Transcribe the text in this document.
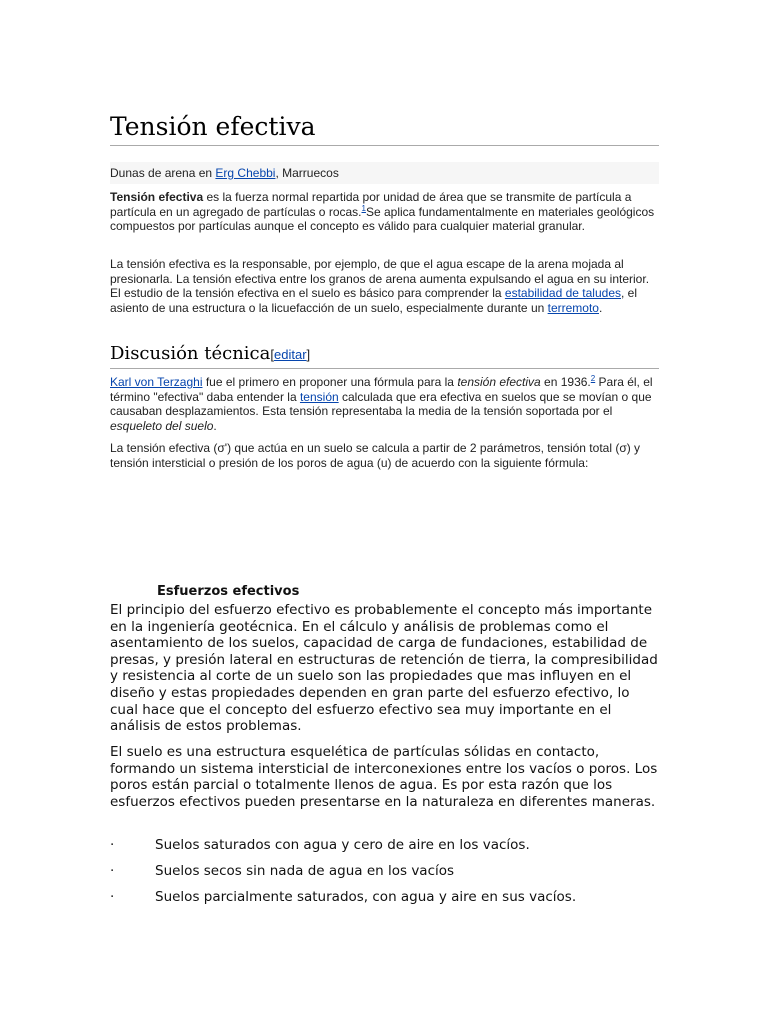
Tensión efectiva
Dunas de arena en Erg Chebbi, Marruecos

Tensión efectiva es la fuerza normal repartida por unidad de área que se transmite de partícula a partícula en un agregado de partículas o rocas.$^1$Se aplica fundamentalmente en materiales geológicos compuestos por partículas aunque el concepto es válido para cualquier material granular.

La tensión efectiva es la responsable, por ejemplo, de que el agua escape de la arena mojada al presionarla. La tensión efectiva entre los granos de arena aumenta expulsando el agua en su interior. El estudio de la tensión efectiva en el suelo es básico para comprender la estabilidad de taludes, el asiento de una estructura o la licuefacción de un suelo, especialmente durante un terremoto.

Discusión técnica[editar]

Karl von Terzaghi fue el primero en proponer una fórmula para la tensión efectiva en 1936.$^2$ Para él, el término "efectiva" daba entender la tensión calculada que era efectiva en suelos que se movían o que causaban desplazamientos. Esta tensión representaba la media de la tensión soportada por el esqueleto del suelo.

La tensión efectiva (σ') que actúa en un suelo se calcula a partir de 2 parámetros, tensión total (σ) y tensión intersticial o presión de los poros de agua (u) de acuerdo con la siguiente fórmula:

Esfuerzos efectivos

El principio del esfuerzo efectivo es probablemente el concepto más importante en la ingeniería geotécnica. En el cálculo y análisis de problemas como el asentamiento de los suelos, capacidad de carga de fundaciones, estabilidad de presas, y presión lateral en estructuras de retención de tierra, la compresibilidad y resistencia al corte de un suelo son las propiedades que mas influyen en el diseño y estas propiedades dependen en gran parte del esfuerzo efectivo, lo cual hace que el concepto del esfuerzo efectivo sea muy importante en el análisis de estos problemas.

El suelo es una estructura esquelética de partículas sólidas en contacto, formando un sistema intersticial de interconexiones entre los vacíos o poros. Los poros están parcial o totalmente llenos de agua. Es por esta razón que los esfuerzos efectivos pueden presentarse en la naturaleza en diferentes maneras.

·	Suelos saturados con agua y cero de aire en los vacíos.
·	Suelos secos sin nada de agua en los vacíos
·	Suelos parcialmente saturados, con agua y aire en sus vacíos.
